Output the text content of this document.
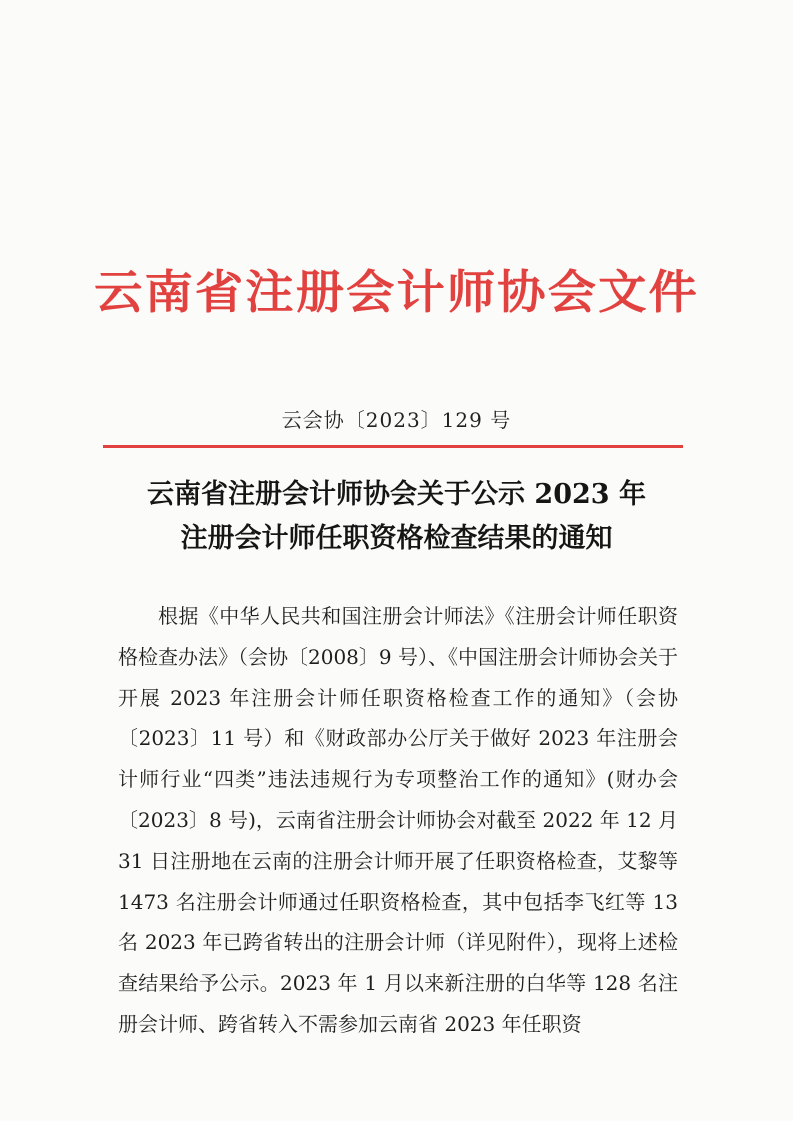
云南省注册会计师协会文件
云会协〔2023〕129 号
云南省注册会计师协会关于公示 2023 年
注册会计师任职资格检查结果的通知

根据《中华人民共和国注册会计师法》《注册会计师任职资格检查办法》（会协〔2008〕9 号）、《中国注册会计师协会关于开展 2023 年注册会计师任职资格检查工作的通知》（会协〔2023〕11 号）和《财政部办公厅关于做好 2023 年注册会计师行业“四类”违法违规行为专项整治工作的通知》(财办会〔2023〕8 号)，云南省注册会计师协会对截至 2022 年 12 月 31 日注册地在云南的注册会计师开展了任职资格检查，艾黎等 1473 名注册会计师通过任职资格检查，其中包括李飞红等 13 名 2023 年已跨省转出的注册会计师（详见附件），现将上述检查结果给予公示。2023 年 1 月以来新注册的白华等 128 名注册会计师、跨省转入不需参加云南省 2023 年任职资
